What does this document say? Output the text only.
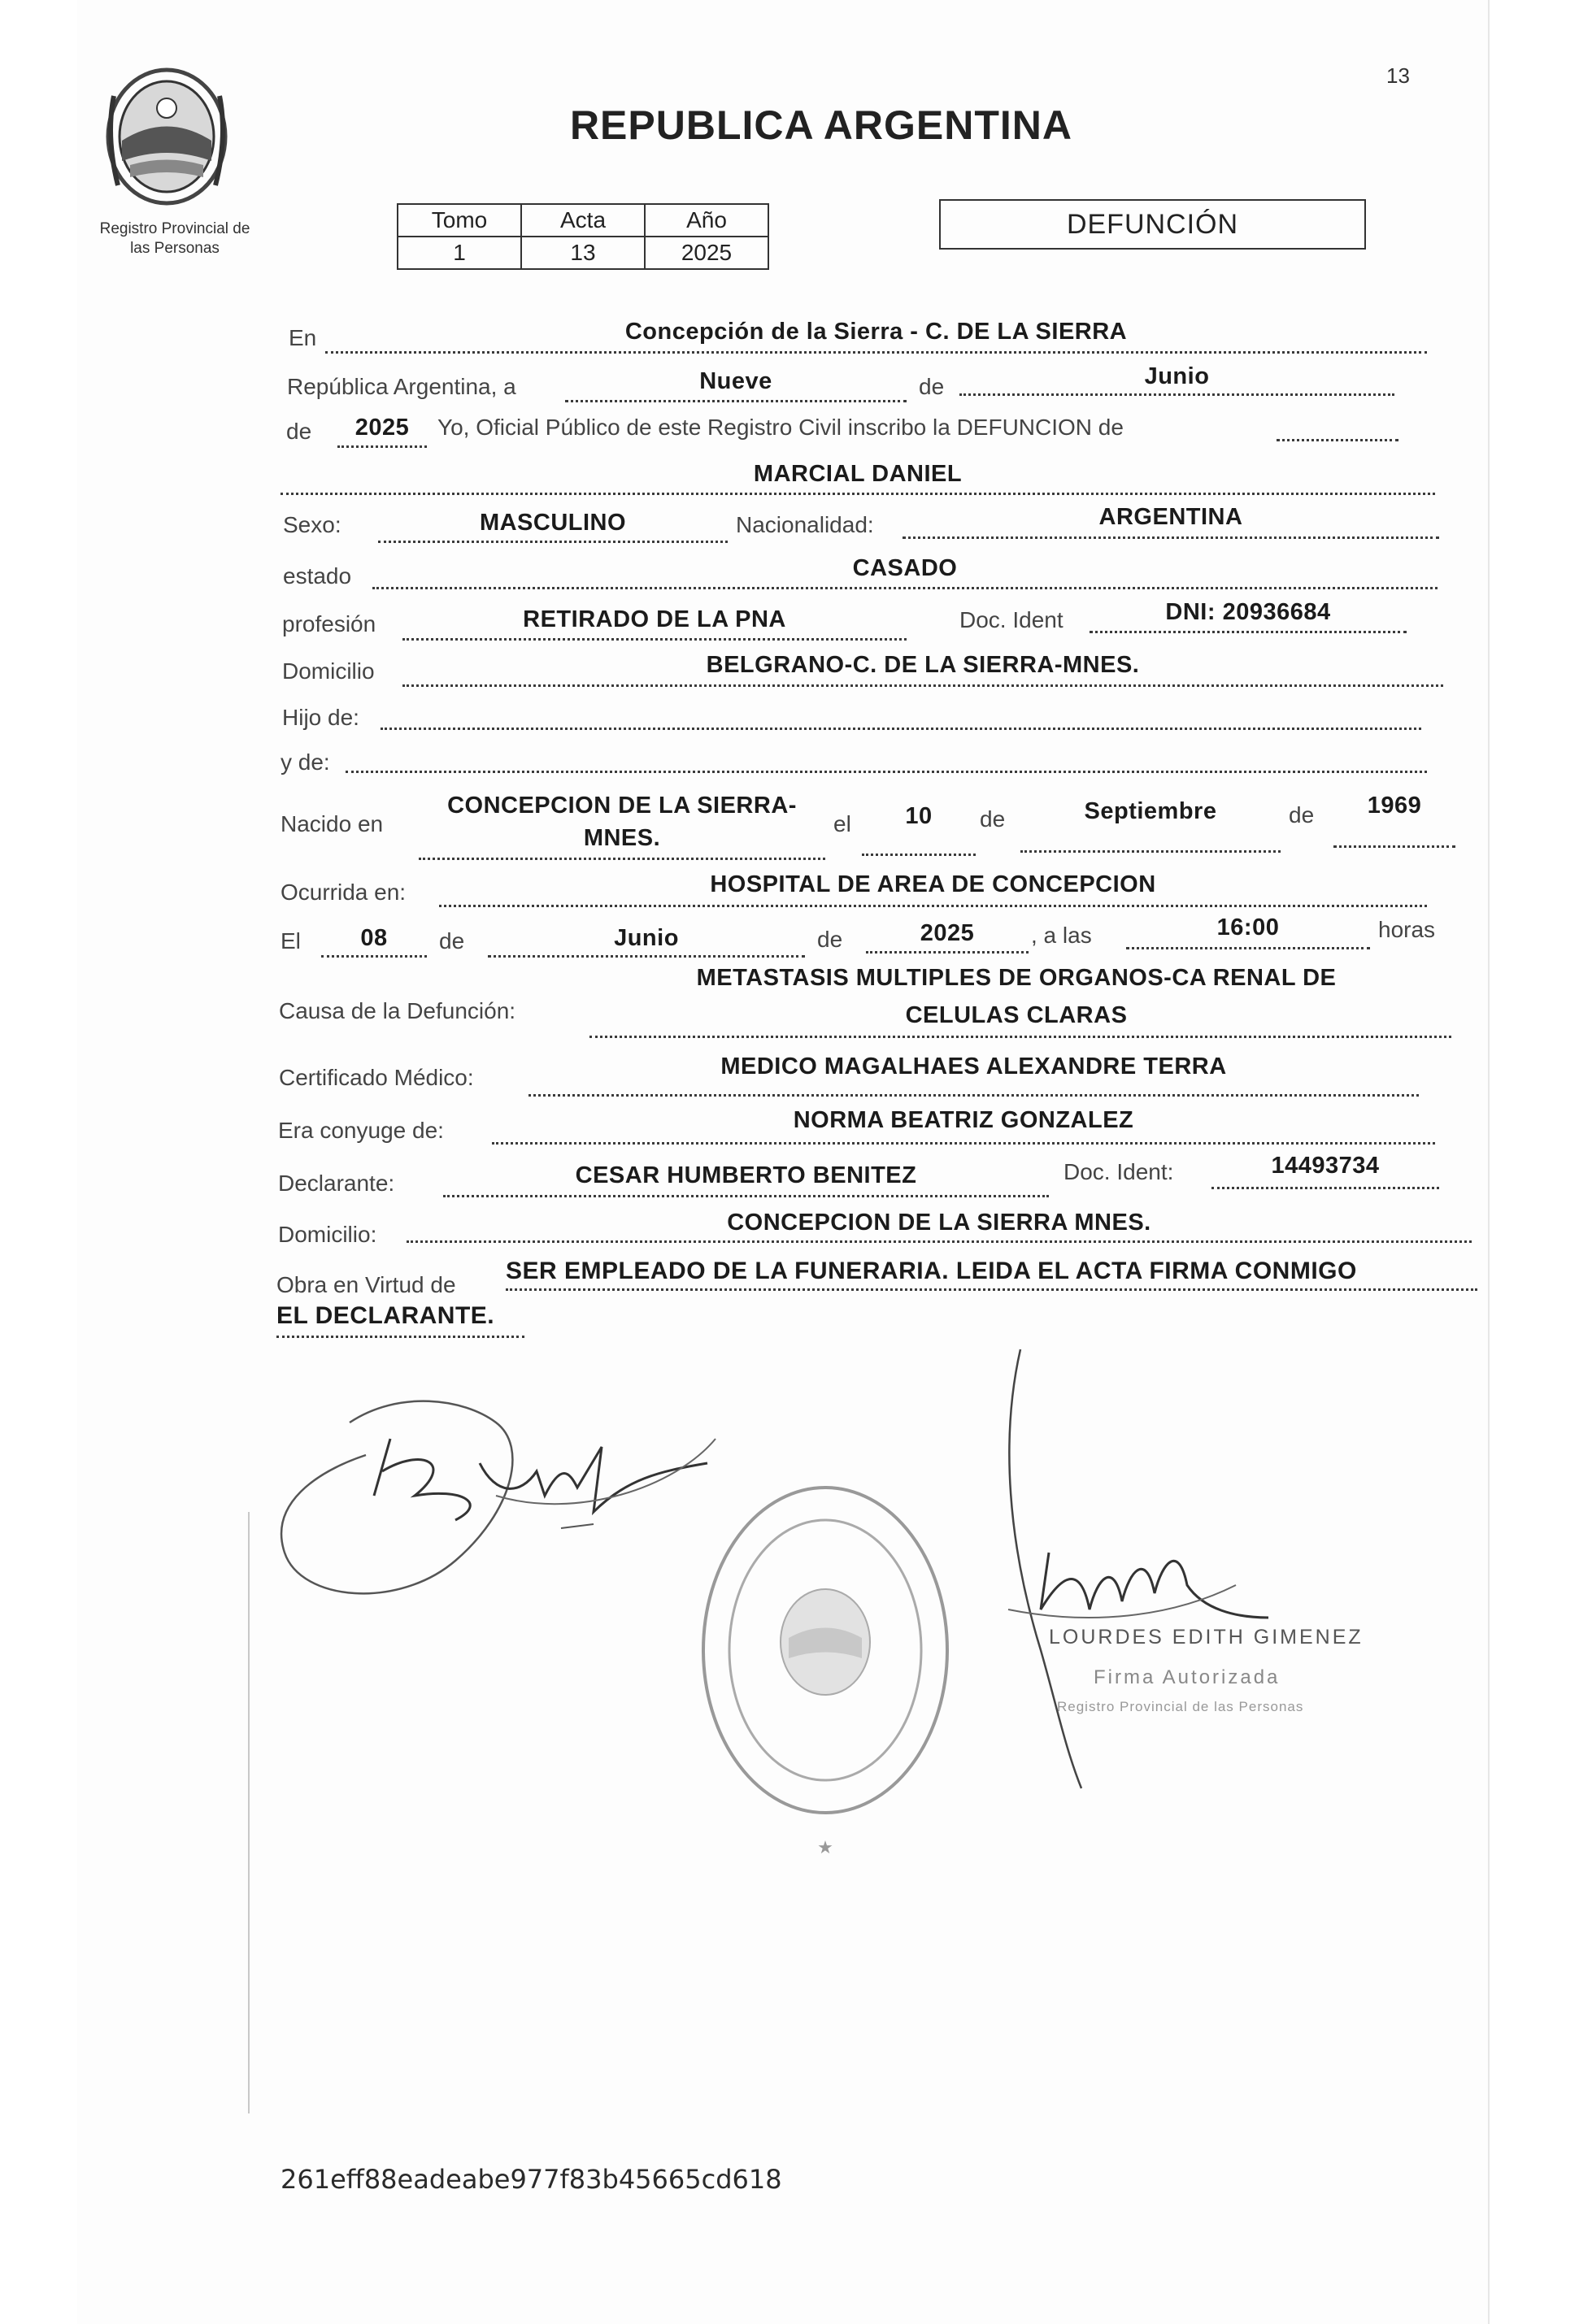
13
Registro Provincial de
las Personas
REPUBLICA ARGENTINA
Tomo	Acta	Año
1	13	2025
DEFUNCIÓN
En	Concepción de la Sierra - C. DE LA SIERRA
República Argentina, a	Nueve	de	Junio
de	2025	Yo, Oficial Público de este Registro Civil inscribo la DEFUNCION de
MARCIAL DANIEL
Sexo:	MASCULINO	Nacionalidad:	ARGENTINA
estado	CASADO
profesión	RETIRADO DE LA PNA	Doc. Ident	DNI: 20936684
Domicilio	BELGRANO-C. DE LA SIERRA-MNES.
Hijo de:
y de:
Nacido en
CONCEPCION DE LA SIERRA-
MNES.
el	10	de	Septiembre	de	1969
Ocurrida en:	HOSPITAL DE AREA DE CONCEPCION
El	08	de	Junio	de	2025	, a las	16:00	horas
Causa de la Defunción:
METASTASIS MULTIPLES DE ORGANOS-CA RENAL DE
CELULAS CLARAS
Certificado Médico:	MEDICO MAGALHAES ALEXANDRE TERRA
Era conyuge de:	NORMA BEATRIZ GONZALEZ
Declarante:	CESAR HUMBERTO BENITEZ	Doc. Ident:	14493734
Domicilio:	CONCEPCION DE LA SIERRA MNES.
Obra en Virtud de
SER EMPLEADO DE LA FUNERARIA. LEIDA EL ACTA FIRMA CONMIGO
EL DECLARANTE.
★
LOURDES EDITH GIMENEZ
Firma Autorizada
Registro Provincial de las Personas
261eff88eadeabe977f83b45665cd618
